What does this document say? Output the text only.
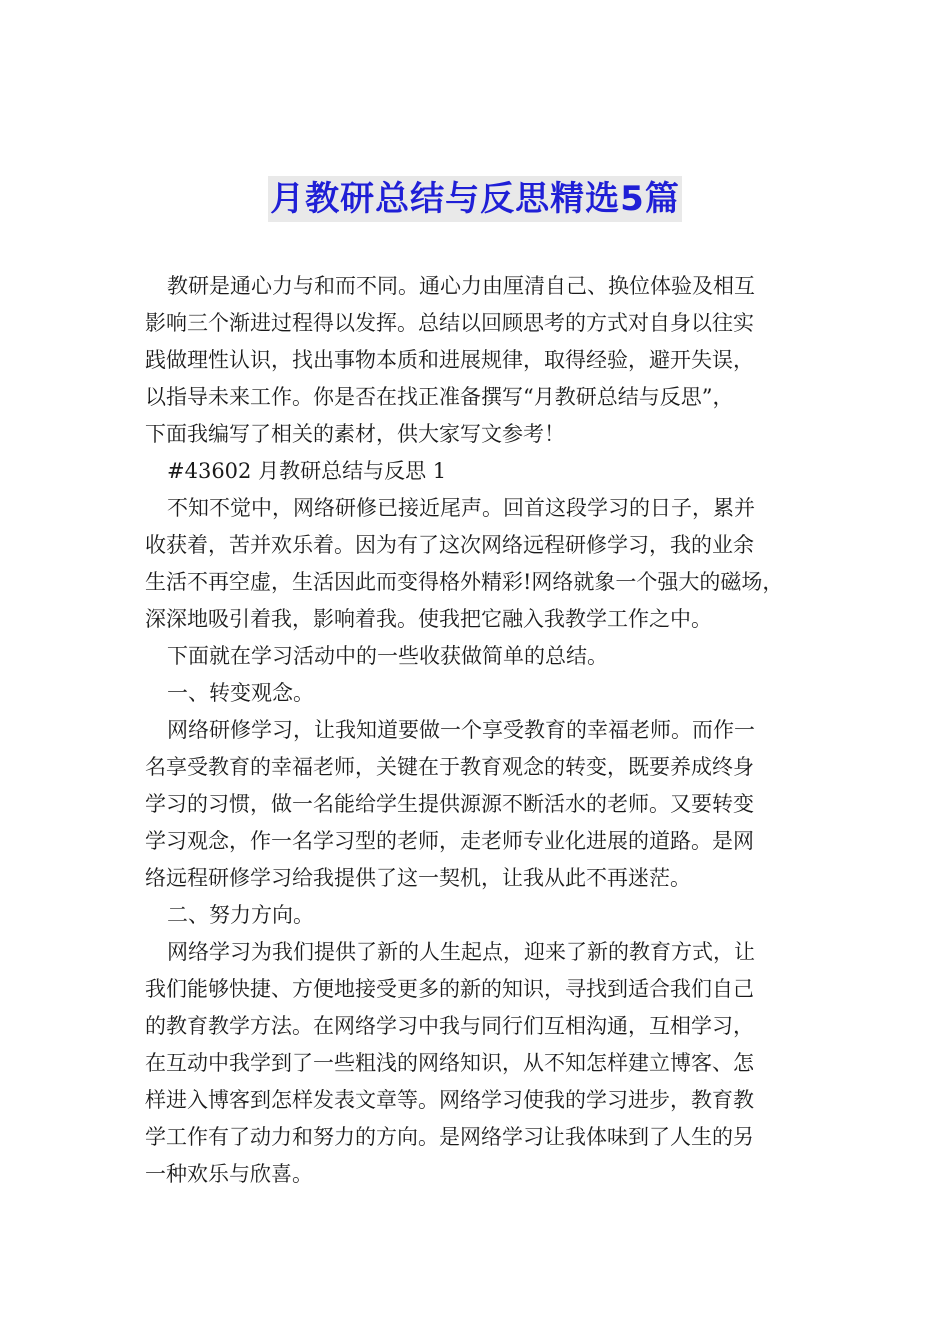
月教研总结与反思精选5篇
教研是通心力与和而不同。通心力由厘清自己、换位体验及相互
影响三个渐进过程得以发挥。总结以回顾思考的方式对自身以往实
践做理性认识，找出事物本质和进展规律，取得经验，避开失误，
以指导未来工作。你是否在找正准备撰写“月教研总结与反思”，
下面我编写了相关的素材，供大家写文参考！
#43602 月教研总结与反思 1
不知不觉中，网络研修已接近尾声。回首这段学习的日子，累并
收获着，苦并欢乐着。因为有了这次网络远程研修学习，我的业余
生活不再空虚，生活因此而变得格外精彩!网络就象一个强大的磁场，
深深地吸引着我，影响着我。使我把它融入我教学工作之中。
下面就在学习活动中的一些收获做简单的总结。
一、转变观念。
网络研修学习，让我知道要做一个享受教育的幸福老师。而作一
名享受教育的幸福老师，关键在于教育观念的转变，既要养成终身
学习的习惯，做一名能给学生提供源源不断活水的老师。又要转变
学习观念，作一名学习型的老师，走老师专业化进展的道路。是网
络远程研修学习给我提供了这一契机，让我从此不再迷茫。
二、努力方向。
网络学习为我们提供了新的人生起点，迎来了新的教育方式，让
我们能够快捷、方便地接受更多的新的知识，寻找到适合我们自己
的教育教学方法。在网络学习中我与同行们互相沟通，互相学习，
在互动中我学到了一些粗浅的网络知识，从不知怎样建立博客、怎
样进入博客到怎样发表文章等。网络学习使我的学习进步，教育教
学工作有了动力和努力的方向。是网络学习让我体味到了人生的另
一种欢乐与欣喜。
